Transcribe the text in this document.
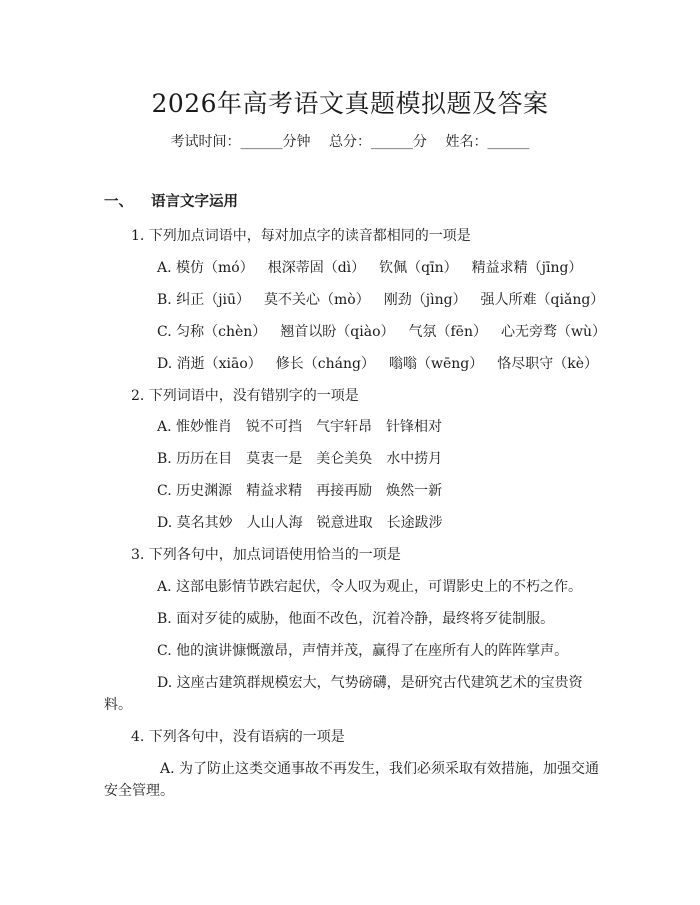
2026年高考语文真题模拟题及答案
考试时间：______分钟 总分：______分 姓名：______
一、 语言文字运用
1. 下列加点词语中，每对加点字的读音都相同的一项是
A. 模仿（mó） 根深蒂固（dì） 钦佩（qīn） 精益求精（jīng）
B. 纠正（jiū） 莫不关心（mò） 刚劲（jìng） 强人所难（qiǎng）
C. 匀称（chèn） 翘首以盼（qiào） 气氛（fēn） 心无旁骛（wù）
D. 消逝（xiāo） 修长（cháng） 嗡嗡（wēng） 恪尽职守（kè）
2. 下列词语中，没有错别字的一项是
A. 惟妙惟肖 锐不可挡 气宇轩昂 针锋相对
B. 历历在目 莫衷一是 美仑美奂 水中捞月
C. 历史渊源 精益求精 再接再励 焕然一新
D. 莫名其妙 人山人海 锐意进取 长途跋涉
3. 下列各句中，加点词语使用恰当的一项是
A. 这部电影情节跌宕起伏，令人叹为观止，可谓影史上的不朽之作。
B. 面对歹徒的威胁，他面不改色，沉着冷静，最终将歹徒制服。
C. 他的演讲慷慨激昂，声情并茂，赢得了在座所有人的阵阵掌声。
D. 这座古建筑群规模宏大，气势磅礴，是研究古代建筑艺术的宝贵资
料。
4. 下列各句中，没有语病的一项是
A. 为了防止这类交通事故不再发生，我们必须采取有效措施，加强交通
安全管理。
